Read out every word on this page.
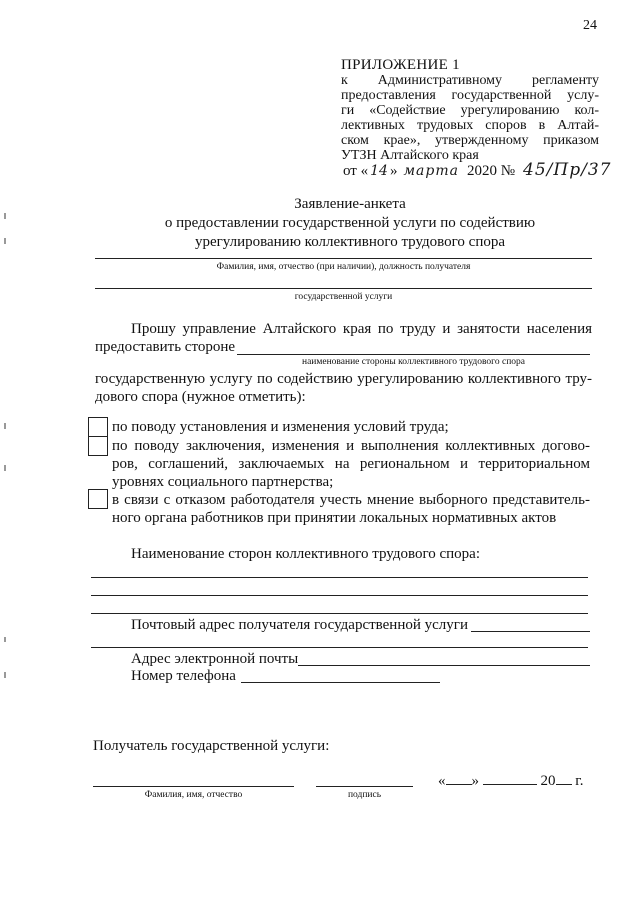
24
ПРИЛОЖЕНИЕ 1
к Административному регламенту
предоставления государственной услу-
ги «Содействие урегулированию кол-
лективных трудовых споров в Алтай-
ском крае», утвержденному приказом
УТЗН Алтайского края
от « 14 » марта 2020 № 45/Пр/37
Заявление-анкета
о предоставлении государственной услуги по содействию
урегулированию коллективного трудового спора
Фамилия, имя, отчество (при наличии), должность получателя
государственной услуги
Прошу управление Алтайского края по труду и занятости населения
предоставить стороне
наименование стороны коллективного трудового спора
государственную услугу по содействию урегулированию коллективного тру-
дового спора (нужное отметить):
по поводу установления и изменения условий труда;
по поводу заключения, изменения и выполнения коллективных догово-
ров, соглашений, заключаемых на региональном и территориальном
уровнях социального партнерства;
в связи с отказом работодателя учесть мнение выборного представитель-
ного органа работников при принятии локальных нормативных актов
Наименование сторон коллективного трудового спора:
Почтовый адрес получателя государственной услуги
Адрес электронной почты
Номер телефона
Получатель государственной услуги:
Фамилия, имя, отчество	подпись
« »	20 г.
